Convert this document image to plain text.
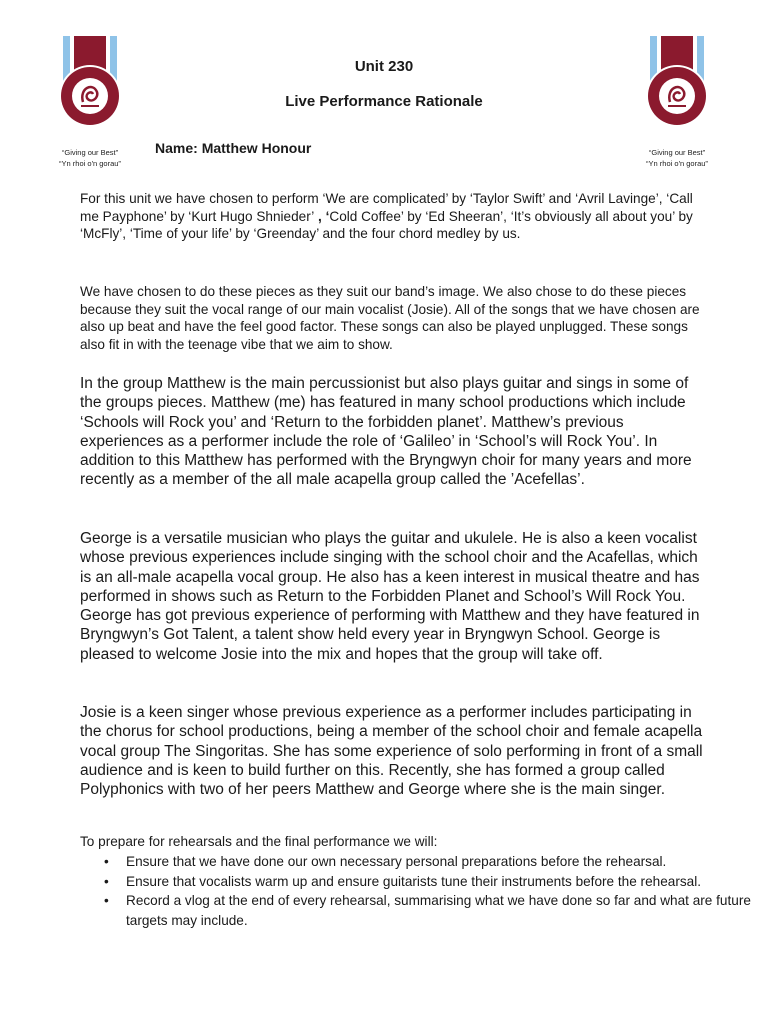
“Giving our Best”
“Yn rhoi o'n gorau”
“Giving our Best”
“Yn rhoi o'n gorau”
Unit 230
Live Performance Rationale
Name: Matthew Honour

For this unit we have chosen to perform ‘We are complicated’ by ‘Taylor Swift’ and ‘Avril Lavinge’, ‘Call me Payphone’ by ‘Kurt Hugo Shnieder’ , ‘Cold Coffee’ by ‘Ed Sheeran’, ‘It’s obviously all about you’ by ‘McFly’, ‘Time of your life’ by ‘Greenday’ and the four chord medley by us.

We have chosen to do these pieces as they suit our band’s image. We also chose to do these pieces because they suit the vocal range of our main vocalist (Josie). All of the songs that we have chosen are also up beat and have the feel good factor. These songs can also be played unplugged. These songs also fit in with the teenage vibe that we aim to show.

In the group Matthew is the main percussionist but also plays guitar and sings in some of the groups pieces. Matthew (me) has featured in many school productions which include ‘Schools will Rock you’ and ‘Return to the forbidden planet’. Matthew’s previous experiences as a performer include the role of ‘Galileo’ in ‘School’s will Rock You’. In addition to this Matthew has performed with the Bryngwyn choir for many years and more recently as a member of the all male acapella group called the ’Acefellas’.

George is a versatile musician who plays the guitar and ukulele. He is also a keen vocalist whose previous experiences include singing with the school choir and the Acafellas, which is an all-male acapella vocal group. He also has a keen interest in musical theatre and has performed in shows such as Return to the Forbidden Planet and School’s Will Rock You. George has got previous experience of performing with Matthew and they have featured in Bryngwyn’s Got Talent, a talent show held every year in Bryngwyn School. George is pleased to welcome Josie into the mix and hopes that the group will take off.

Josie is a keen singer whose previous experience as a performer includes participating in the chorus for school productions, being a member of the school choir and female acapella vocal group The Singoritas. She has some experience of solo performing in front of a small audience and is keen to build further on this. Recently, she has formed a group called Polyphonics with two of her peers Matthew and George where she is the main singer.

To prepare for rehearsals and the final performance we will:

• Ensure that we have done our own necessary personal preparations before the rehearsal.
• Ensure that vocalists warm up and ensure guitarists tune their instruments before the rehearsal.
• Record a vlog at the end of every rehearsal, summarising what we have done so far and what are future targets may include.
